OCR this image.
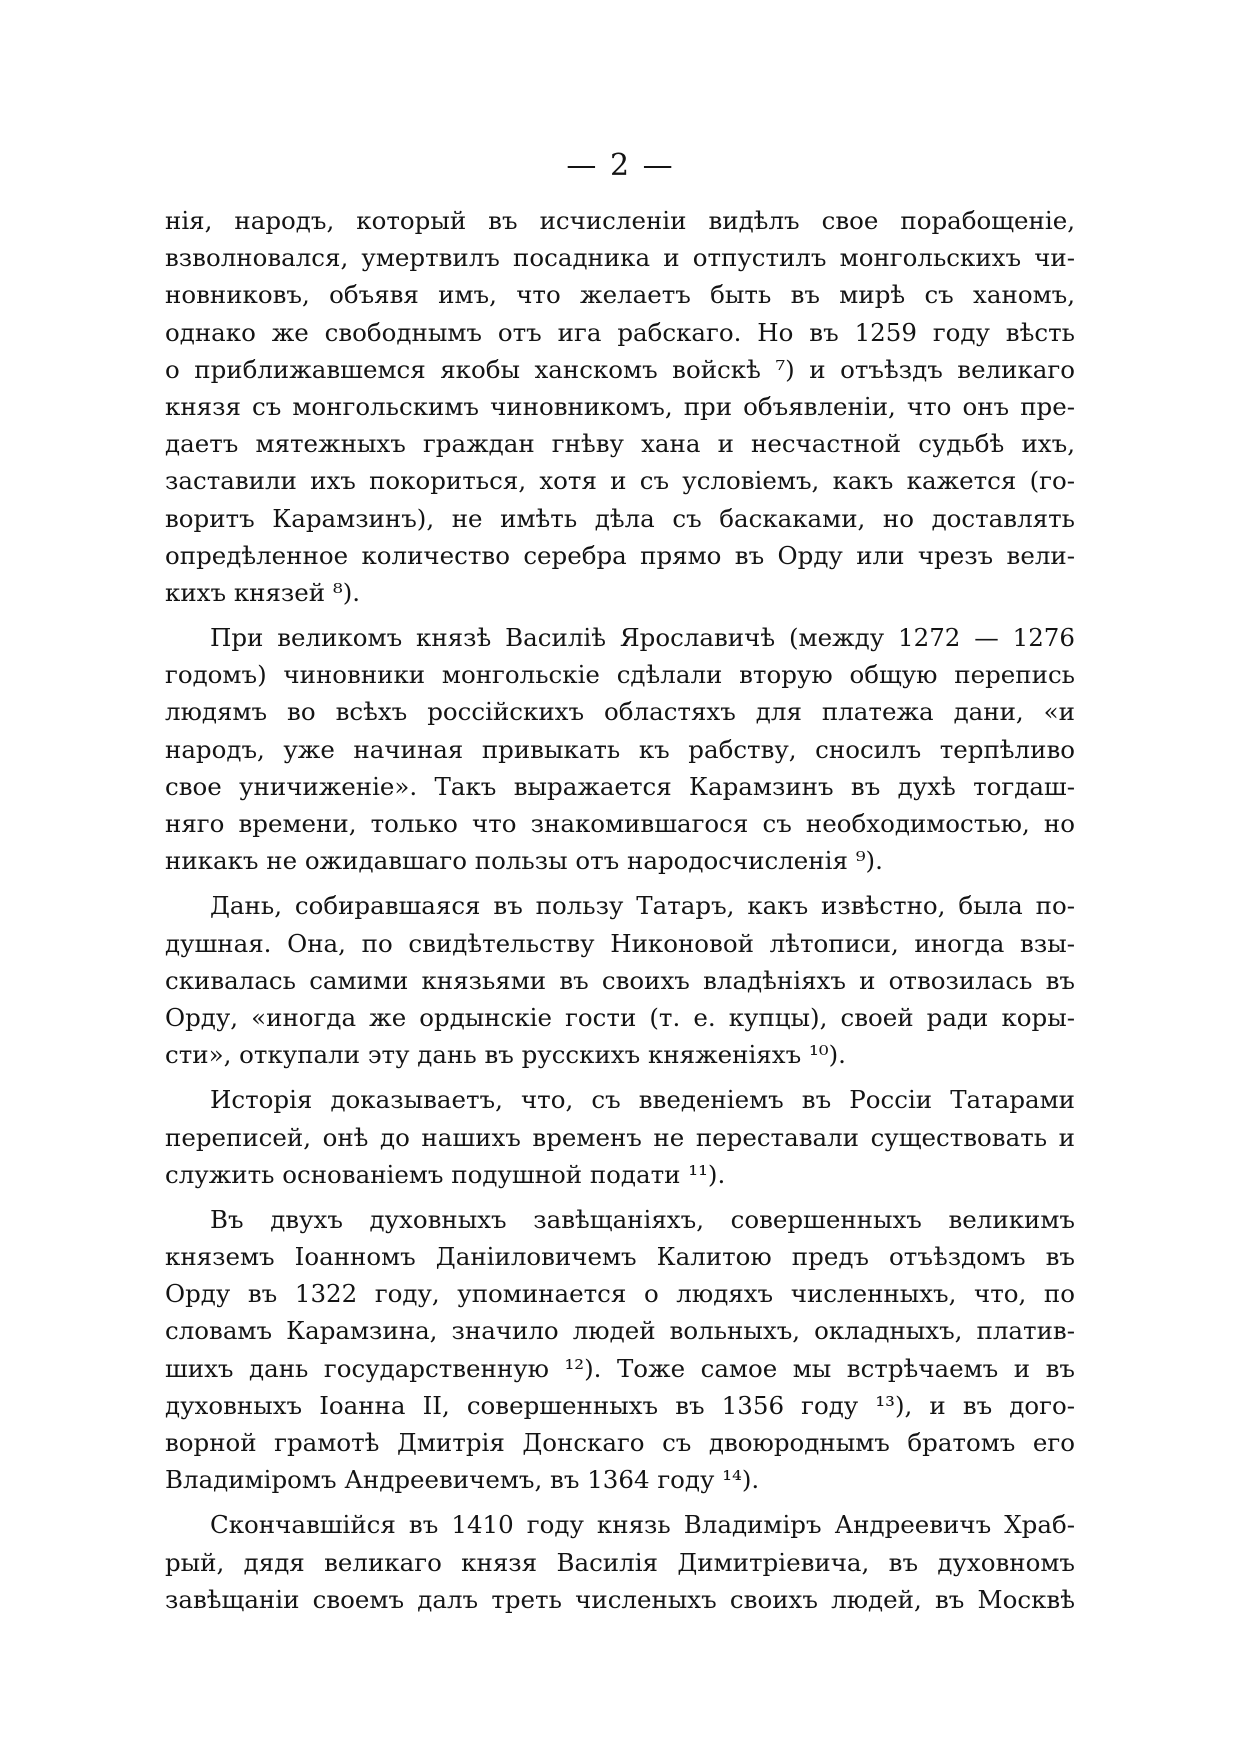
— 2 —
нія, народъ, который въ исчисленіи видѣлъ свое порабощеніе,
взволновался, умертвилъ посадника и отпустилъ монгольскихъ чи-
новниковъ, объявя имъ, что желаетъ быть въ мирѣ съ ханомъ,
однако же свободнымъ отъ ига рабскаго. Но въ 1259 году вѣсть
о приближавшемся якобы ханскомъ войскѣ ⁷) и отъѣздъ великаго
князя съ монгольскимъ чиновникомъ, при объявленіи, что онъ пре-
даетъ мятежныхъ граждан гнѣву хана и несчастной судьбѣ ихъ,
заставили ихъ покориться, хотя и съ условіемъ, какъ кажется (го-
воритъ Карамзинъ), не имѣть дѣла съ баскаками, но доставлять
опредѣленное количество серебра прямо въ Орду или чрезъ вели-
кихъ князей ⁸).
При великомъ князѣ Василіѣ Ярославичѣ (между 1272 — 1276
годомъ) чиновники монгольскіе сдѣлали вторую общую перепись
людямъ во всѣхъ россійскихъ областяхъ для платежа дани, «и
народъ, уже начиная привыкать къ рабству, сносилъ терпѣливо
свое уничиженіе». Такъ выражается Карамзинъ въ духѣ тогдаш-
няго времени, только что знакомившагося съ необходимостью, но
никакъ не ожидавшаго пользы отъ народосчисленія ⁹).
Дань, собиравшаяся въ пользу Татаръ, какъ извѣстно, была по-
душная. Она, по свидѣтельству Никоновой лѣтописи, иногда взы-
скивалась самими князьями въ своихъ владѣніяхъ и отвозилась въ
Орду, «иногда же ордынскіе гости (т. е. купцы), своей ради коры-
сти», откупали эту дань въ русскихъ княженіяхъ ¹⁰).
Исторія доказываетъ, что, съ введеніемъ въ Россіи Татарами
переписей, онѣ до нашихъ временъ не переставали существовать и
служить основаніемъ подушной подати ¹¹).
Въ двухъ духовныхъ завѣщаніяхъ, совершенныхъ великимъ
княземъ Іоанномъ Даніиловичемъ Калитою предъ отъѣздомъ въ
Орду въ 1322 году, упоминается о людяхъ численныхъ, что, по
словамъ Карамзина, значило людей вольныхъ, окладныхъ, платив-
шихъ дань государственную ¹²). Тоже самое мы встрѣчаемъ и въ
духовныхъ Іоанна II, совершенныхъ въ 1356 году ¹³), и въ дого-
ворной грамотѣ Дмитрія Донскаго съ двоюроднымъ братомъ его
Владиміромъ Андреевичемъ, въ 1364 году ¹⁴).
Скончавшійся въ 1410 году князь Владиміръ Андреевичъ Храб-
рый, дядя великаго князя Василія Димитріевича, въ духовномъ
завѣщаніи своемъ далъ треть численыхъ своихъ людей, въ Москвѣ
